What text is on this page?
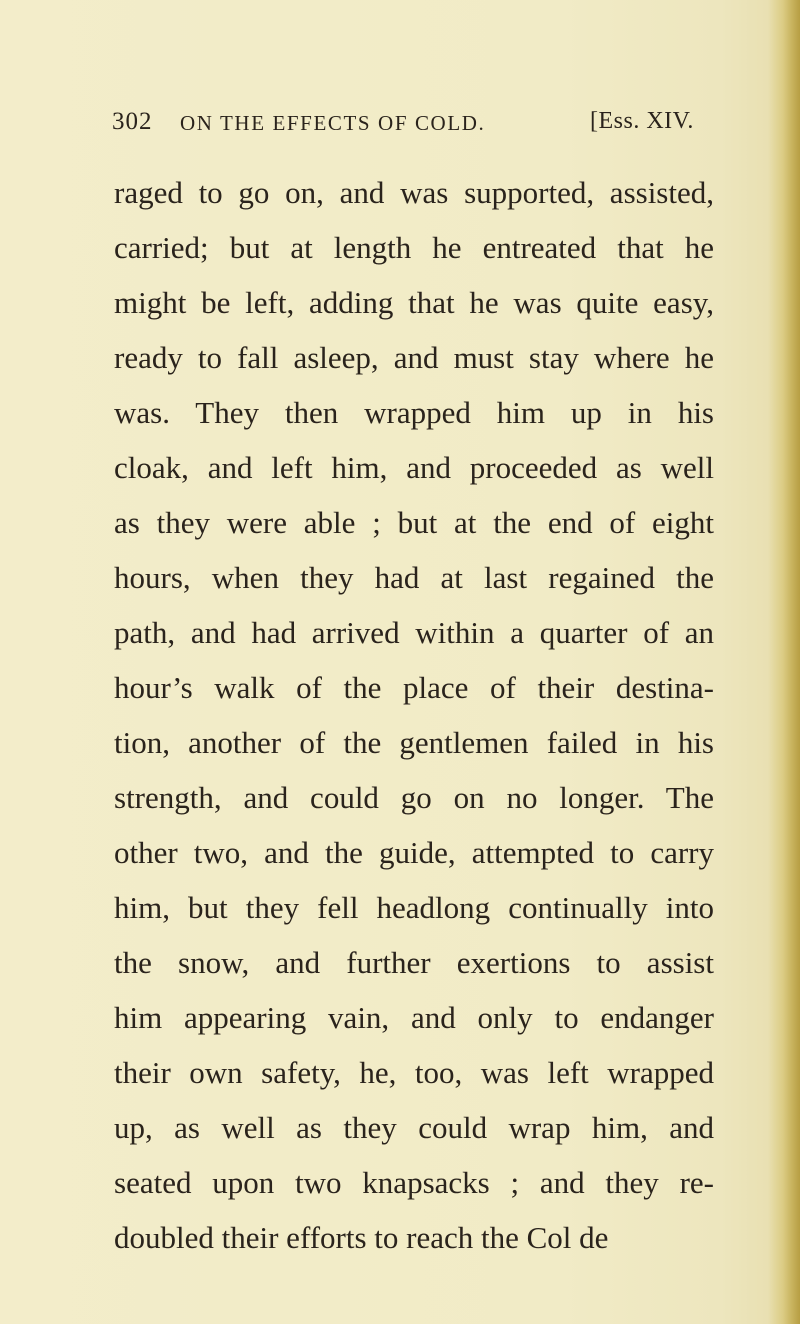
302 ON THE EFFECTS OF COLD.	[Ess. XIV.
raged to go on, and was supported, assisted,
carried; but at length he entreated that he
might be left, adding that he was quite easy,
ready to fall asleep, and must stay where he
was. They then wrapped him up in his
cloak, and left him, and proceeded as well
as they were able ; but at the end of eight
hours, when they had at last regained the
path, and had arrived within a quarter of an
hour’s walk of the place of their destina-
tion, another of the gentlemen failed in his
strength, and could go on no longer. The
other two, and the guide, attempted to carry
him, but they fell headlong continually into
the snow, and further exertions to assist
him appearing vain, and only to endanger
their own safety, he, too, was left wrapped
up, as well as they could wrap him, and
seated upon two knapsacks ; and they re-
doubled their efforts to reach the Col de
